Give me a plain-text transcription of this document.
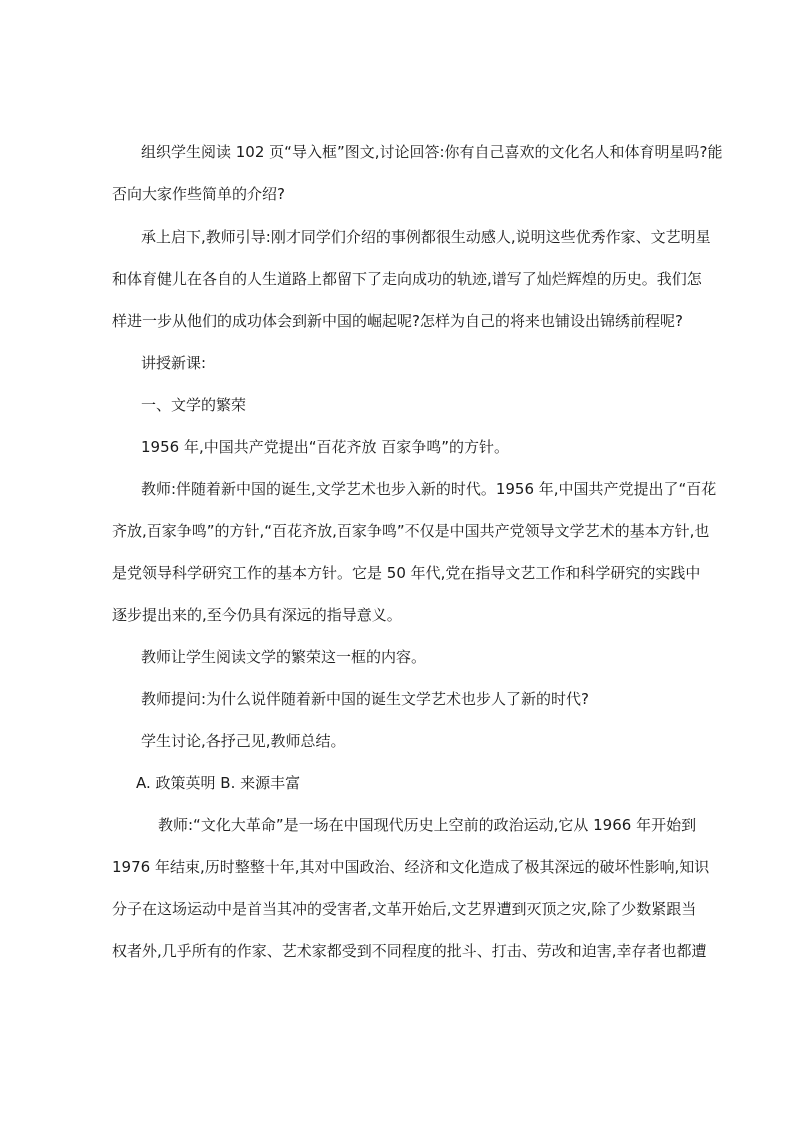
组织学生阅读 102 页“导入框”图文,讨论回答:你有自己喜欢的文化名人和体育明星吗?能
否向大家作些简单的介绍?
承上启下,教师引导:刚才同学们介绍的事例都很生动感人,说明这些优秀作家、文艺明星
和体育健儿在各自的人生道路上都留下了走向成功的轨迹,谱写了灿烂辉煌的历史。我们怎
样进一步从他们的成功体会到新中国的崛起呢?怎样为自己的将来也铺设出锦绣前程呢?
讲授新课:
一、文学的繁荣
1956 年,中国共产党提出“百花齐放 百家争鸣”的方针。
教师:伴随着新中国的诞生,文学艺术也步入新的时代。1956 年,中国共产党提出了“百花
齐放,百家争鸣”的方针,“百花齐放,百家争鸣”不仅是中国共产党领导文学艺术的基本方针,也
是党领导科学研究工作的基本方针。它是 50 年代,党在指导文艺工作和科学研究的实践中
逐步提出来的,至今仍具有深远的指导意义。
教师让学生阅读文学的繁荣这一框的内容。
教师提问:为什么说伴随着新中国的诞生文学艺术也步人了新的时代?
学生讨论,各抒己见,教师总结。
A. 政策英明 B. 来源丰富
教师:“文化大革命”是一场在中国现代历史上空前的政治运动,它从 1966 年开始到
1976 年结束,历时整整十年,其对中国政治、经济和文化造成了极其深远的破坏性影响,知识
分子在这场运动中是首当其冲的受害者,文革开始后,文艺界遭到灭顶之灾,除了少数紧跟当
权者外,几乎所有的作家、艺术家都受到不同程度的批斗、打击、劳改和迫害,幸存者也都遭
